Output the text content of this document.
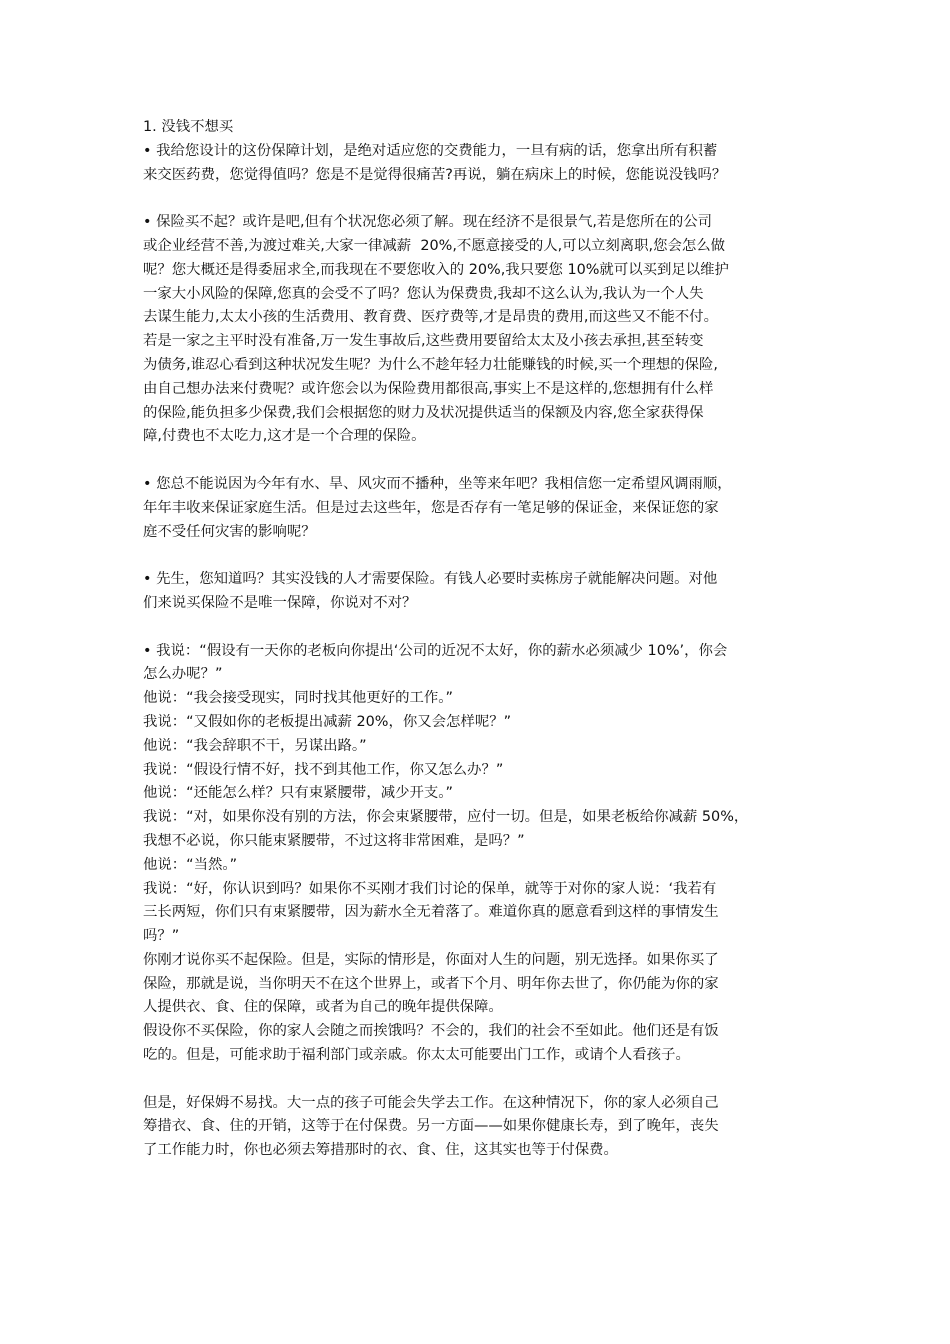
1. 没钱不想买
• 我给您设计的这份保障计划，是绝对适应您的交费能力，一旦有病的话，您拿出所有积蓄
来交医药费，您觉得值吗？您是不是觉得很痛苦?再说，躺在病床上的时候，您能说没钱吗？
• 保险买不起？或许是吧,但有个状况您必须了解。现在经济不是很景气,若是您所在的公司
或企业经营不善,为渡过难关,大家一律减薪  20%,不愿意接受的人,可以立刻离职,您会怎么做
呢？您大概还是得委屈求全,而我现在不要您收入的 20%,我只要您 10%就可以买到足以维护
一家大小风险的保障,您真的会受不了吗？您认为保费贵,我却不这么认为,我认为一个人失
去谋生能力,太太小孩的生活费用、教育费、医疗费等,才是昂贵的费用,而这些又不能不付。
若是一家之主平时没有准备,万一发生事故后,这些费用要留给太太及小孩去承担,甚至转变
为债务,谁忍心看到这种状况发生呢？为什么不趁年轻力壮能赚钱的时候,买一个理想的保险,
由自己想办法来付费呢？或许您会以为保险费用都很高,事实上不是这样的,您想拥有什么样
的保险,能负担多少保费,我们会根据您的财力及状况提供适当的保额及内容,您全家获得保
障,付费也不太吃力,这才是一个合理的保险。
• 您总不能说因为今年有水、旱、风灾而不播种，坐等来年吧？我相信您一定希望风调雨顺，
年年丰收来保证家庭生活。但是过去这些年，您是否存有一笔足够的保证金，来保证您的家
庭不受任何灾害的影响呢？
• 先生，您知道吗？其实没钱的人才需要保险。有钱人必要时卖栋房子就能解决问题。对他
们来说买保险不是唯一保障，你说对不对？
• 我说：“假设有一天你的老板向你提出‘公司的近况不太好，你的薪水必须减少 10%’，你会
怎么办呢？”
他说：“我会接受现实，同时找其他更好的工作。”
我说：“又假如你的老板提出减薪 20%，你又会怎样呢？”
他说：“我会辞职不干，另谋出路。”
我说：“假设行情不好，找不到其他工作，你又怎么办？”
他说：“还能怎么样？只有束紧腰带，减少开支。”
我说：“对，如果你没有别的方法，你会束紧腰带，应付一切。但是，如果老板给你减薪 50%，
我想不必说，你只能束紧腰带，不过这将非常困难，是吗？”
他说：“当然。”
我说：“好，你认识到吗？如果你不买刚才我们讨论的保单，就等于对你的家人说：‘我若有
三长两短，你们只有束紧腰带，因为薪水全无着落了。难道你真的愿意看到这样的事情发生
吗？”
你刚才说你买不起保险。但是，实际的情形是，你面对人生的问题，别无选择。如果你买了
保险，那就是说，当你明天不在这个世界上，或者下个月、明年你去世了，你仍能为你的家
人提供衣、食、住的保障，或者为自己的晚年提供保障。
假设你不买保险，你的家人会随之而挨饿吗？不会的，我们的社会不至如此。他们还是有饭
吃的。但是，可能求助于福利部门或亲戚。你太太可能要出门工作，或请个人看孩子。
但是，好保姆不易找。大一点的孩子可能会失学去工作。在这种情况下，你的家人必须自己
筹措衣、食、住的开销，这等于在付保费。另一方面——如果你健康长寿，到了晚年，丧失
了工作能力时，你也必须去筹措那时的衣、食、住，这其实也等于付保费。
